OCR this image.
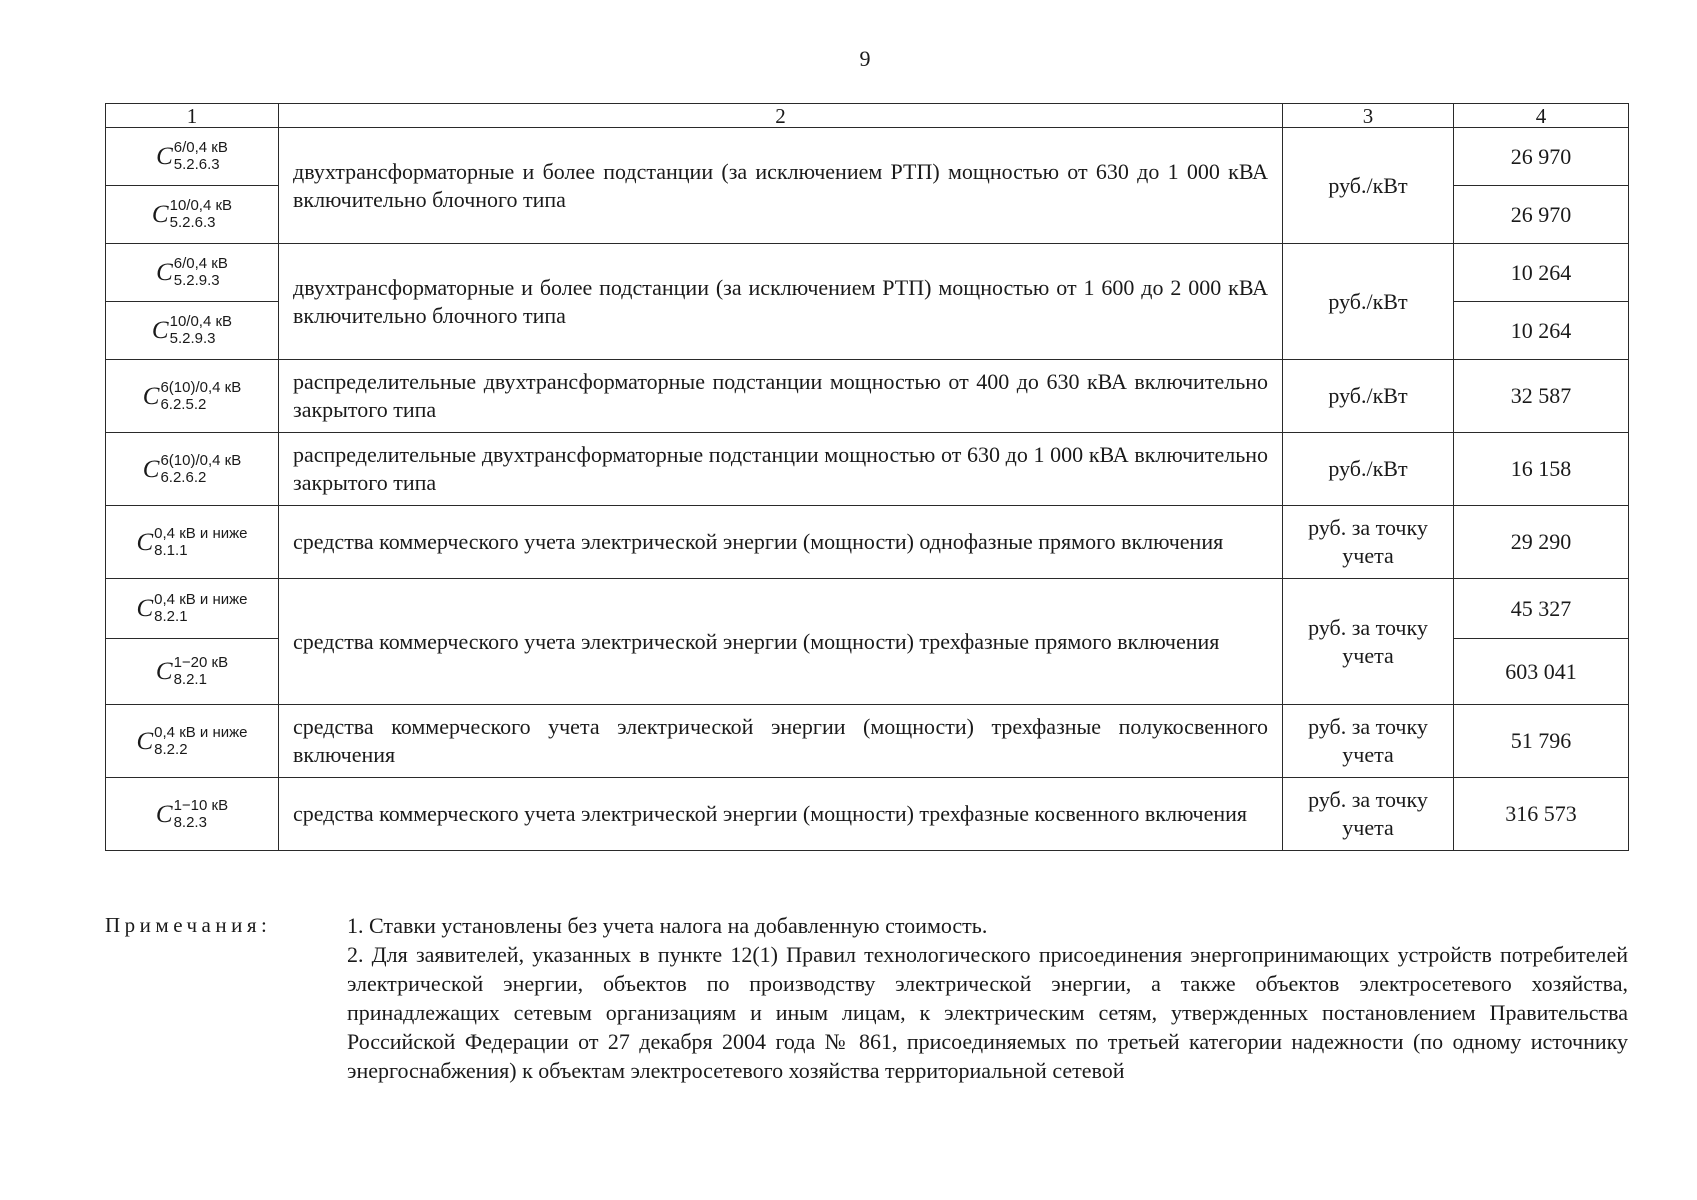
9
1	2	3	4

C 6/0,4 кВ
5.2.6.3	двухтрансформаторные и более подстанции (за исключением РТП) мощностью от 630 до 1 000 кВА включительно блочного типа	руб./кВт	26 970

C 10/0,4 кВ
5.2.6.3			26 970

C 6/0,4 кВ
5.2.9.3	двухтрансформаторные и более подстанции (за исключением РТП) мощностью от 1 600 до 2 000 кВА включительно блочного типа	руб./кВт	10 264

C 10/0,4 кВ
5.2.9.3			10 264

C 6(10)/0,4 кВ
6.2.5.2	распределительные двухтрансформаторные подстанции мощностью от 400 до 630 кВА включительно закрытого типа	руб./кВт	32 587

C 6(10)/0,4 кВ
6.2.6.2	распределительные двухтрансформаторные подстанции мощностью от 630 до 1 000 кВА включительно закрытого типа	руб./кВт	16 158

C 0,4 кВ и ниже
8.1.1	средства коммерческого учета электрической энергии (мощности) однофазные прямого включения	руб. за точку учета	29 290

C 0,4 кВ и ниже
8.2.1	средства коммерческого учета электрической энергии (мощности) трехфазные прямого включения	руб. за точку учета	45 327

C 1−20 кВ
8.2.1			603 041

C 0,4 кВ и ниже
8.2.2	средства коммерческого учета электрической энергии (мощности) трехфазные полукосвенного включения	руб. за точку учета	51 796

C 1−10 кВ
8.2.3	средства коммерческого учета электрической энергии (мощности) трехфазные косвенного включения	руб. за точку учета	316 573
Примечания:	1. Ставки установлены без учета налога на добавленную стоимость.

2. Для заявителей, указанных в пункте 12(1) Правил технологического присоединения энергопринимающих устройств потребителей электрической энергии, объектов по производству электрической энергии, а также объектов электросетевого хозяйства, принадлежащих сетевым организациям и иным лицам, к электрическим сетям, утвержденных постановлением Правительства Российской Федерации от 27 декабря 2004 года № 861, присоединяемых по третьей категории надежности (по одному источнику энергоснабжения) к объектам электросетевого хозяйства территориальной сетевой
